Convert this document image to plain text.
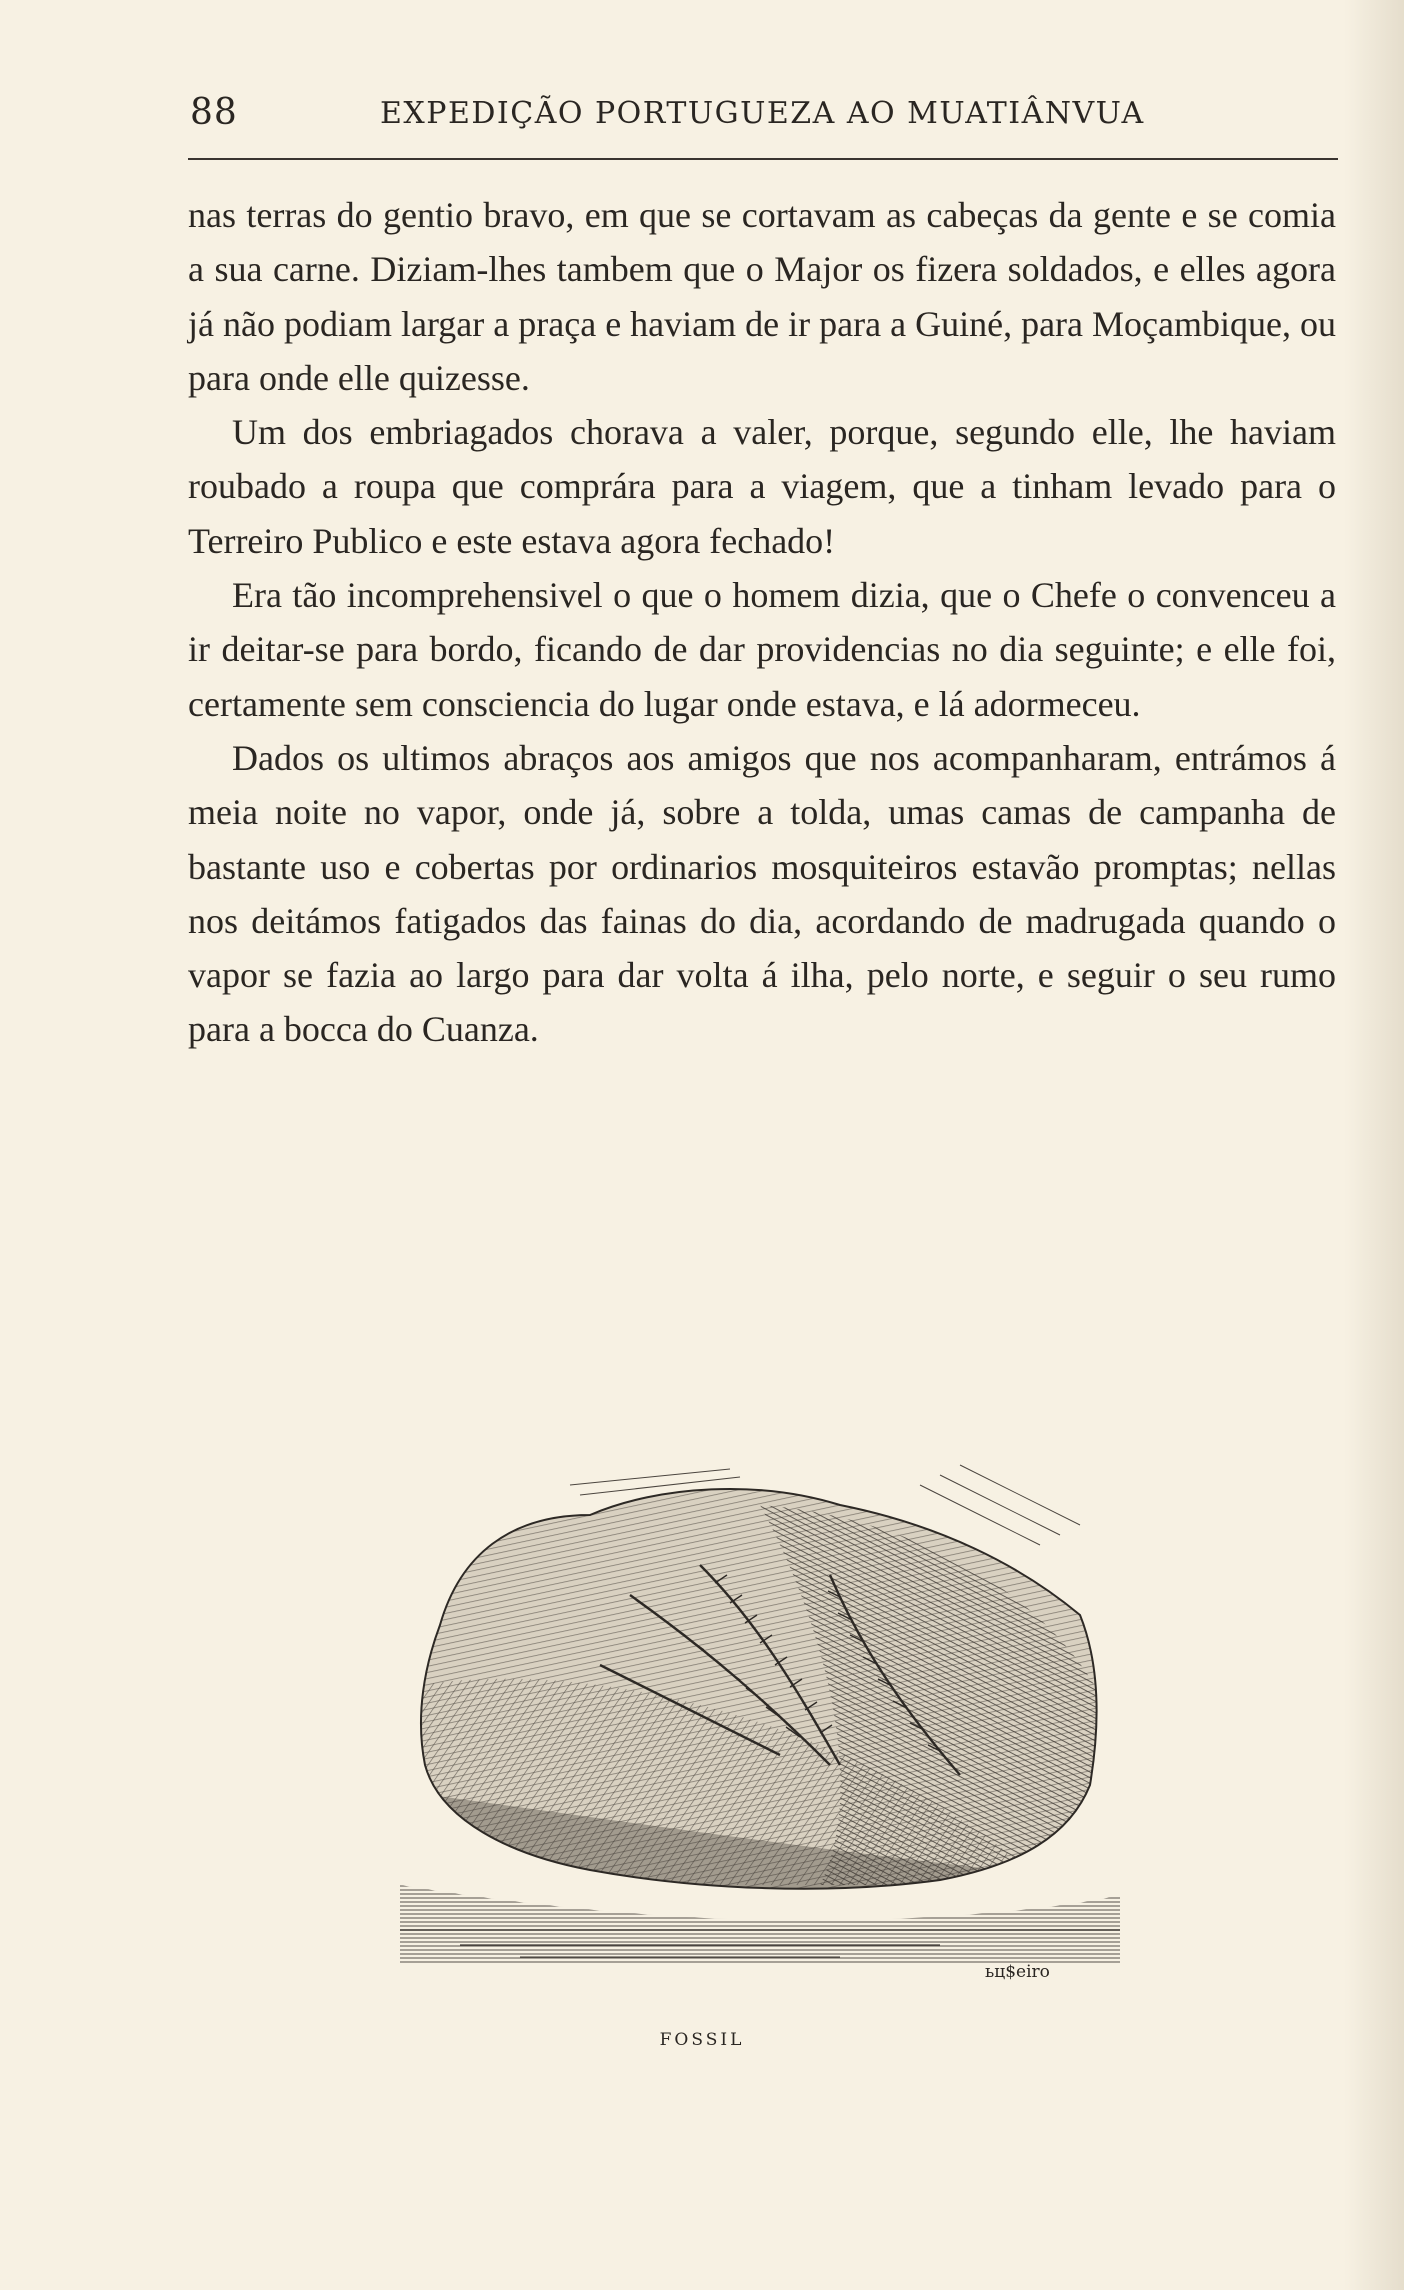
88	EXPEDIÇÃO PORTUGUEZA AO MUATIÂNVUA

nas terras do gentio bravo, em que se cortavam as cabeças da gente e se comia a sua carne. Diziam-lhes tambem que o Major os fizera soldados, e elles agora já não podiam largar a praça e haviam de ir para a Guiné, para Moçambique, ou para onde elle quizesse.

Um dos embriagados chorava a valer, porque, segundo elle, lhe haviam roubado a roupa que comprára para a viagem, que a tinham levado para o Terreiro Publico e este estava agora fechado!

Era tão incomprehensivel o que o homem dizia, que o Chefe o convenceu a ir deitar-se para bordo, ficando de dar providencias no dia seguinte; e elle foi, certamente sem consciencia do lugar onde estava, e lá adormeceu.

Dados os ultimos abraços aos amigos que nos acompanharam, entrámos á meia noite no vapor, onde já, sobre a tolda, umas camas de campanha de bastante uso e cobertas por ordinarios mosquiteiros estavão promptas; nellas nos deitámos fatigados das fainas do dia, acordando de madrugada quando o vapor se fazia ao largo para dar volta á ilha, pelo norte, e seguir o seu rumo para a bocca do Cuanza.

ьц$eiro
FOSSIL
